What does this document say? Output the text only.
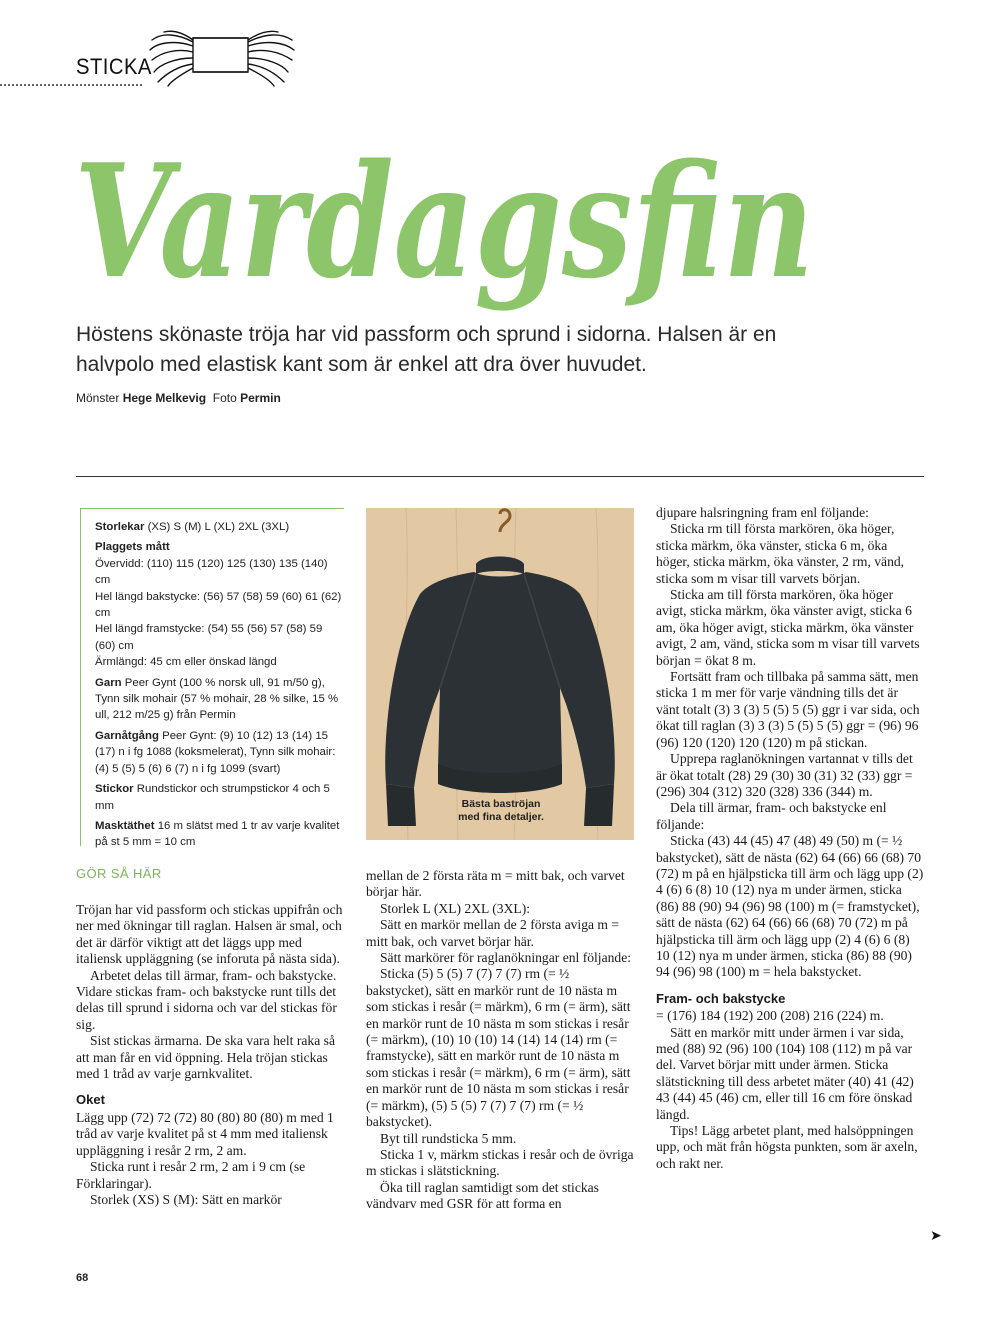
STICKA
Vardagsfin
Höstens skönaste tröja har vid passform och sprund i sidorna. Halsen är en halvpolo med elastisk kant som är enkel att dra över huvudet.
Mönster Hege Melkevig Foto Permin

Storlekar (XS) S (M) L (XL) 2XL (3XL)

Plaggets mått
Övervidd: (110) 115 (120) 125 (130) 135 (140) cm
Hel längd bakstycke: (56) 57 (58) 59 (60) 61 (62) cm
Hel längd framstycke: (54) 55 (56) 57 (58) 59 (60) cm
Ärmlängd: 45 cm eller önskad längd

Garn Peer Gynt (100 % norsk ull, 91 m/50 g), Tynn silk mohair (57 % mohair, 28 % silke, 15 % ull, 212 m/25 g) från Permin

Garnåtgång Peer Gynt: (9) 10 (12) 13 (14) 15 (17) n i fg 1088 (koksmelerat), Tynn silk mohair: (4) 5 (5) 5 (6) 6 (7) n i fg 1099 (svart)

Stickor Rundstickor och strumpstickor 4 och 5 mm

Masktäthet 16 m slätst med 1 tr av varje kvalitet på st 5 mm = 10 cm

Bästa baströjan
med fina detaljer.
GÖR SÅ HÄR

Tröjan har vid passform och stickas uppifrån och ner med ökningar till raglan. Halsen är smal, och det är därför viktigt att det läggs upp med italiensk uppläggning (se inforuta på nästa sida).

Arbetet delas till ärmar, fram- och bakstycke. Vidare stickas fram- och bakstycke runt tills det delas till sprund i sidorna och var del stickas för sig.

Sist stickas ärmarna. De ska vara helt raka så att man får en vid öppning. Hela tröjan stickas med 1 tråd av varje garnkvalitet.

Oket

Lägg upp (72) 72 (72) 80 (80) 80 (80) m med 1 tråd av varje kvalitet på st 4 mm med italiensk uppläggning i resår 2 rm, 2 am.

Sticka runt i resår 2 rm, 2 am i 9 cm (se Förklaringar).

Storlek (XS) S (M): Sätt en markör

mellan de 2 första räta m = mitt bak, och varvet börjar här.

Storlek L (XL) 2XL (3XL):

Sätt en markör mellan de 2 första aviga m = mitt bak, och varvet börjar här.

Sätt markörer för raglanökningar enl följande:

Sticka (5) 5 (5) 7 (7) 7 (7) rm (= ½ bakstycket), sätt en markör runt de 10 nästa m som stickas i resår (= märkm), 6 rm (= ärm), sätt en markör runt de 10 nästa m som stickas i resår (= märkm), (10) 10 (10) 14 (14) 14 (14) rm (= framstycke), sätt en markör runt de 10 nästa m som stickas i resår (= märkm), 6 rm (= ärm), sätt en markör runt de 10 nästa m som stickas i resår (= märkm), (5) 5 (5) 7 (7) 7 (7) rm (= ½ bakstycket).

Byt till rundsticka 5 mm.

Sticka 1 v, märkm stickas i resår och de övriga m stickas i slätstickning.

Öka till raglan samtidigt som det stickas vändvarv med GSR för att forma en

djupare halsringning fram enl följande:

Sticka rm till första markören, öka höger, sticka märkm, öka vänster, sticka 6 m, öka höger, sticka märkm, öka vänster, 2 rm, vänd, sticka som m visar till varvets början.

Sticka am till första markören, öka höger avigt, sticka märkm, öka vänster avigt, sticka 6 am, öka höger avigt, sticka märkm, öka vänster avigt, 2 am, vänd, sticka som m visar till varvets början = ökat 8 m.

Fortsätt fram och tillbaka på samma sätt, men sticka 1 m mer för varje vändning tills det är vänt totalt (3) 3 (3) 5 (5) 5 (5) ggr i var sida, och ökat till raglan (3) 3 (3) 5 (5) 5 (5) ggr = (96) 96 (96) 120 (120) 120 (120) m på stickan.

Upprepa raglanökningen vartannat v tills det är ökat totalt (28) 29 (30) 30 (31) 32 (33) ggr = (296) 304 (312) 320 (328) 336 (344) m.

Dela till ärmar, fram- och bakstycke enl följande:

Sticka (43) 44 (45) 47 (48) 49 (50) m (= ½ bakstycket), sätt de nästa (62) 64 (66) 66 (68) 70 (72) m på en hjälpsticka till ärm och lägg upp (2) 4 (6) 6 (8) 10 (12) nya m under ärmen, sticka (86) 88 (90) 94 (96) 98 (100) m (= framstycket), sätt de nästa (62) 64 (66) 66 (68) 70 (72) m på hjälpsticka till ärm och lägg upp (2) 4 (6) 6 (8) 10 (12) nya m under ärmen, sticka (86) 88 (90) 94 (96) 98 (100) m = hela bakstycket.

Fram- och bakstycke

= (176) 184 (192) 200 (208) 216 (224) m.

Sätt en markör mitt under ärmen i var sida, med (88) 92 (96) 100 (104) 108 (112) m på var del. Varvet börjar mitt under ärmen. Sticka slätstickning till dess arbetet mäter (40) 41 (42) 43 (44) 45 (46) cm, eller till 16 cm före önskad längd.

Tips! Lägg arbetet plant, med halsöppningen upp, och mät från högsta punkten, som är axeln, och rakt ner.

➤
68
